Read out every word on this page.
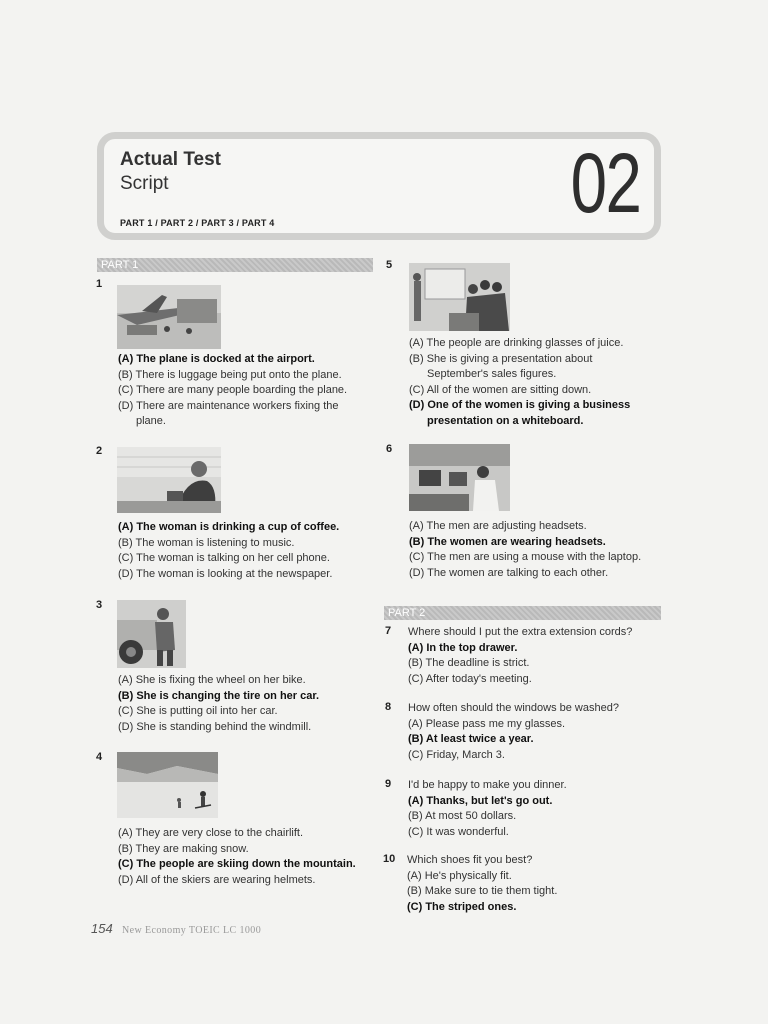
Actual Test
Script
PART 1 / PART 2 / PART 3 / PART 4	02
PART 1
1
(A) The plane is docked at the airport.
(B) There is luggage being put onto the plane.
(C) There are many people boarding the plane.
(D) There are maintenance workers fixing the
plane.
2
(A) The woman is drinking a cup of coffee.
(B) The woman is listening to music.
(C) The woman is talking on her cell phone.
(D) The woman is looking at the newspaper.
3
(A) She is fixing the wheel on her bike.
(B) She is changing the tire on her car.
(C) She is putting oil into her car.
(D) She is standing behind the windmill.
4
(A) They are very close to the chairlift.
(B) They are making snow.
(C) The people are skiing down the mountain.
(D) All of the skiers are wearing helmets.
5
(A) The people are drinking glasses of juice.
(B) She is giving a presentation about
September's sales figures.
(C) All of the women are sitting down.
(D) One of the women is giving a business
presentation on a whiteboard.
6
(A) The men are adjusting headsets.
(B) The women are wearing headsets.
(C) The men are using a mouse with the laptop.
(D) The women are talking to each other.
PART 2
7 Where should I put the extra extension cords?
(A) In the top drawer.
(B) The deadline is strict.
(C) After today's meeting.
8 How often should the windows be washed?
(A) Please pass me my glasses.
(B) At least twice a year.
(C) Friday, March 3.
9 I'd be happy to make you dinner.
(A) Thanks, but let's go out.
(B) At most 50 dollars.
(C) It was wonderful.
10 Which shoes fit you best?
(A) He's physically fit.
(B) Make sure to tie them tight.
(C) The striped ones.
154 New Economy TOEIC LC 1000
